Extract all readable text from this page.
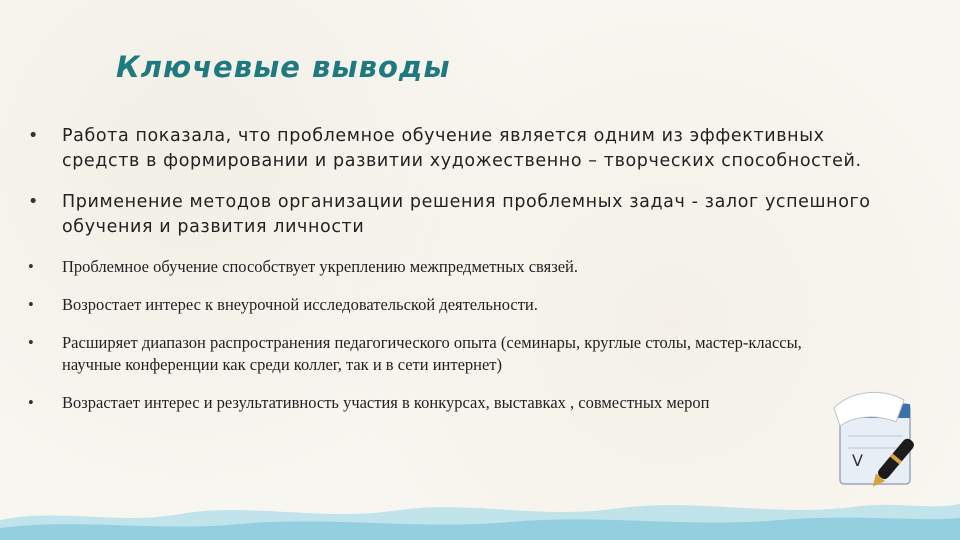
Ключевые выводы
• Работа показала, что проблемное обучение является одним из эффективных средств в формировании и развитии художественно – творческих способностей.
• Применение методов организации решения проблемных задач - залог успешного обучения и развития личности
• Проблемное обучение способствует укреплению межпредметных связей.
• Возростает интерес к внеурочной исследовательской деятельности.
• Расширяет диапазон распространения педагогического опыта (семинары, круглые столы, мастер-классы, научные конференции как среди коллег, так и в сети интернет)
• Возрастает интерес и результативность участия в конкурсах, выставках , совместных мероп
V
